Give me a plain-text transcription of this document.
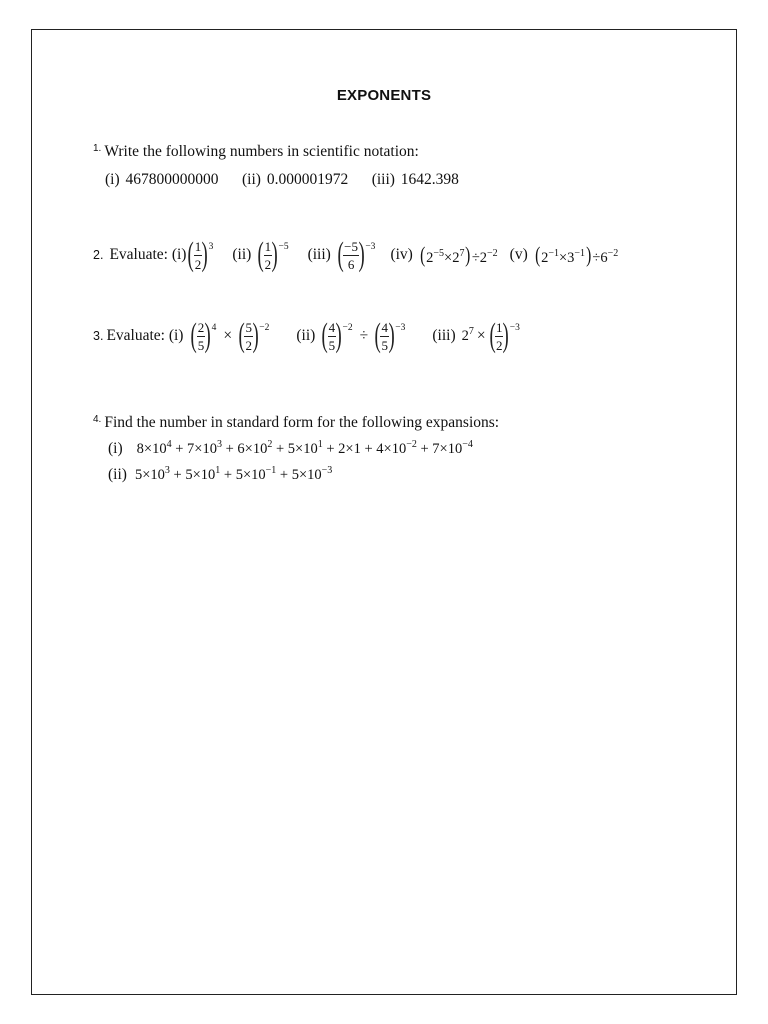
EXPONENTS
1. Write the following numbers in scientific notation:
(i) 467800000000    (ii) 0.000001972    (iii) 1642.398
2. Evaluate: (i) ( $\frac{1}{2}$ ) 3 (ii) ( $\frac{1}{2}$ ) −5 (iii) ( $\frac{-5}{6}$ ) −3 (iv) $(2^{-5}\times 2^7)\div 2^{-2}$ (v) $(2^{-1}\times 3^{-1})\div 6^{-2}$
3. Evaluate: (i) ( $\frac{2}{5}$ ) 4 × ( $\frac{5}{2}$ ) −2 (ii) ( $\frac{4}{5}$ ) −2 ÷ ( $\frac{4}{5}$ ) −3 (iii) $2^7$ × ( $\frac{1}{2}$ ) −3
4. Find the number in standard form for the following expansions:
(i) $8\times 10^4 + 7\times 10^3 + 6\times 10^2 + 5\times 10^1 + 2\times 1 + 4\times 10^{-2} + 7\times 10^{-4}$
(ii) $5\times 10^3 + 5\times 10^1 + 5\times 10^{-1} + 5\times 10^{-3}$
